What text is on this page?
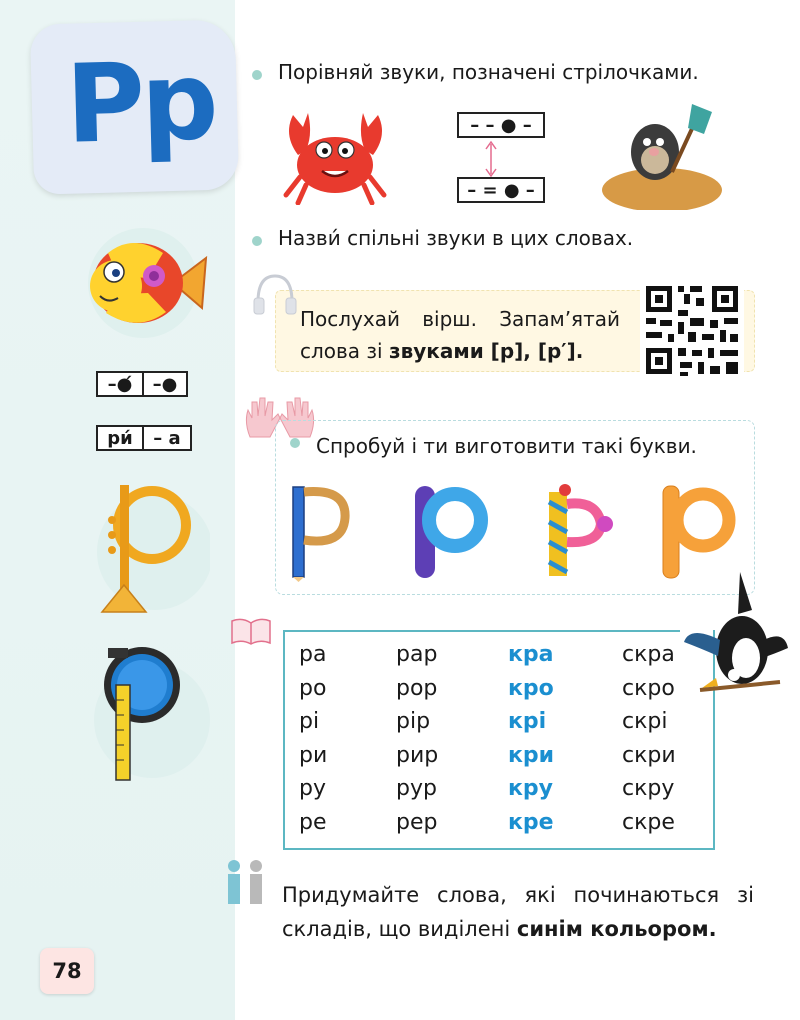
Рр
–●́	–●
ри́	– а
Порівняй звуки, позначені стрілочками.
– – ● –
– = ● –
Назви́ спільні звуки в цих словах.
Послухай вірш. Запам’ятай слова зі звуками [р], [р′].
Спробуй і ти виготовити такі букви.
ра	рар	кра	скра
ро	рор	кро	скро
рі	рір	крі	скрі
ри	рир	кри	скри
ру	рур	кру	скру
ре	рер	кре	скре
Придумайте слова, які починаються зі складів, що виділені синім кольором.
78
